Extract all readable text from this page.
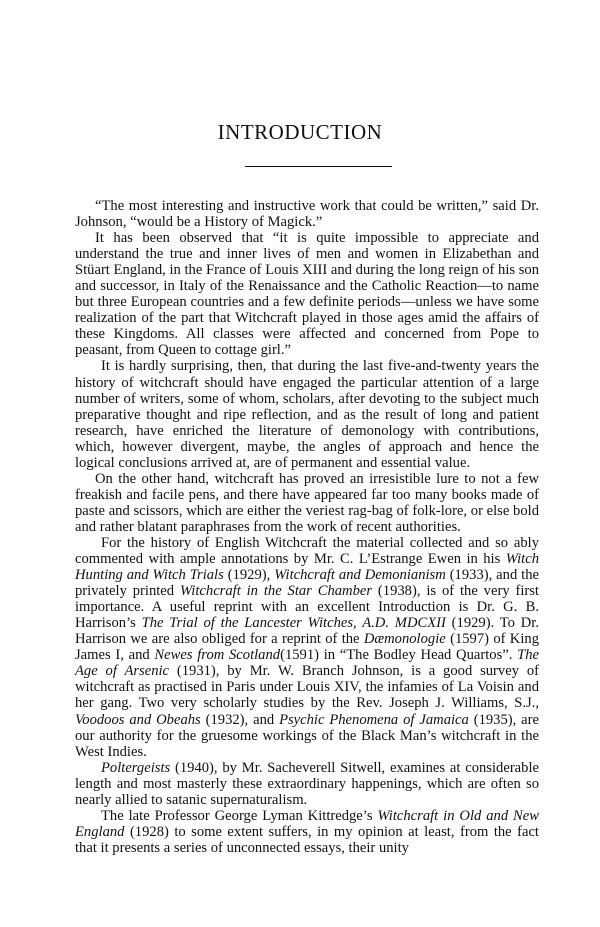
INTRODUCTION

“The most interesting and instructive work that could be written,” said Dr. Johnson, “would be a History of Magick.”

It has been observed that “it is quite impossible to appreciate and understand the true and inner lives of men and women in Elizabethan and Stüart England, in the France of Louis XIII and during the long reign of his son and successor, in Italy of the Renaissance and the Catholic Reaction—to name but three European countries and a few definite periods—unless we have some realization of the part that Witchcraft played in those ages amid the affairs of these Kingdoms. All classes were affected and concerned from Pope to peasant, from Queen to cottage girl.”

It is hardly surprising, then, that during the last five-and-twenty years the history of witchcraft should have engaged the particular attention of a large number of writers, some of whom, scholars, after devoting to the subject much preparative thought and ripe reflection, and as the result of long and patient research, have enriched the literature of demonology with contributions, which, however divergent, maybe, the angles of approach and hence the logical conclusions arrived at, are of permanent and essential value.

On the other hand, witchcraft has proved an irresistible lure to not a few freakish and facile pens, and there have appeared far too many books made of paste and scissors, which are either the veriest rag-bag of folk-lore, or else bold and rather blatant paraphrases from the work of recent authorities.

For the history of English Witchcraft the material collected and so ably commented with ample annotations by Mr. C. L’Estrange Ewen in his Witch Hunting and Witch Trials (1929), Witchcraft and Demonianism (1933), and the privately printed Witchcraft in the Star Chamber (1938), is of the very first importance. A useful reprint with an excellent Introduction is Dr. G. B. Harrison’s The Trial of the Lancester Witches, A.D. MDCXII (1929). To Dr. Harrison we are also obliged for a reprint of the Dæmonologie (1597) of King James I, and Newes from Scotland(1591) in “The Bodley Head Quartos”. The Age of Arsenic (1931), by Mr. W. Branch Johnson, is a good survey of witchcraft as practised in Paris under Louis XIV, the infamies of La Voisin and her gang. Two very scholarly studies by the Rev. Joseph J. Williams, S.J., Voodoos and Obeahs (1932), and Psychic Phenomena of Jamaica (1935), are our authority for the gruesome workings of the Black Man’s witchcraft in the West Indies.

Poltergeists (1940), by Mr. Sacheverell Sitwell, examines at considerable length and most masterly these extraordinary happenings, which are often so nearly allied to satanic supernaturalism.

The late Professor George Lyman Kittredge’s Witchcraft in Old and New England (1928) to some extent suffers, in my opinion at least, from the fact that it presents a series of unconnected essays, their unity
